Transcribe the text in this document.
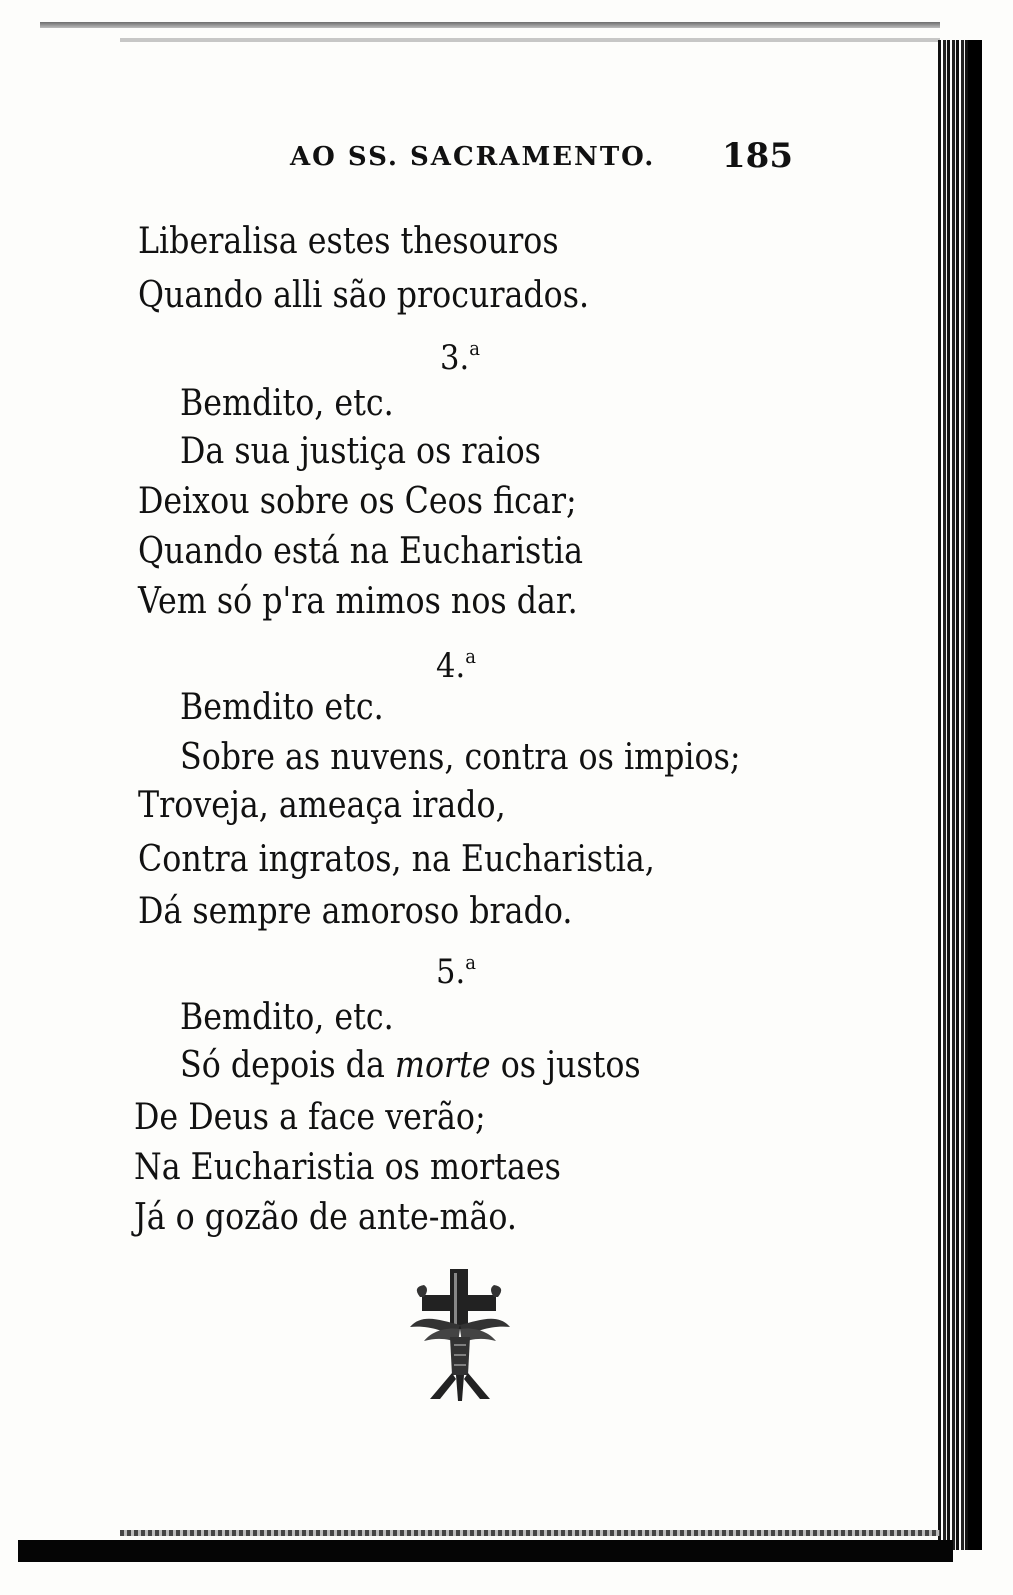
AO SS. SACRAMENTO. 185
Liberalisa estes thesouros
Quando alli são procurados.
3.$^a$
Bemdito, etc.
Da sua justiça os raios
Deixou sobre os Ceos ficar;
Quando está na Eucharistia
Vem só p'ra mimos nos dar.
4.$^a$
Bemdito etc.
Sobre as nuvens, contra os impios;
Troveja, ameaça irado,
Contra ingratos, na Eucharistia,
Dá sempre amoroso brado.
5.$^a$
Bemdito, etc.
Só depois da morte os justos
De Deus a face verão;
Na Eucharistia os mortaes
Já o gozão de ante-mão.
